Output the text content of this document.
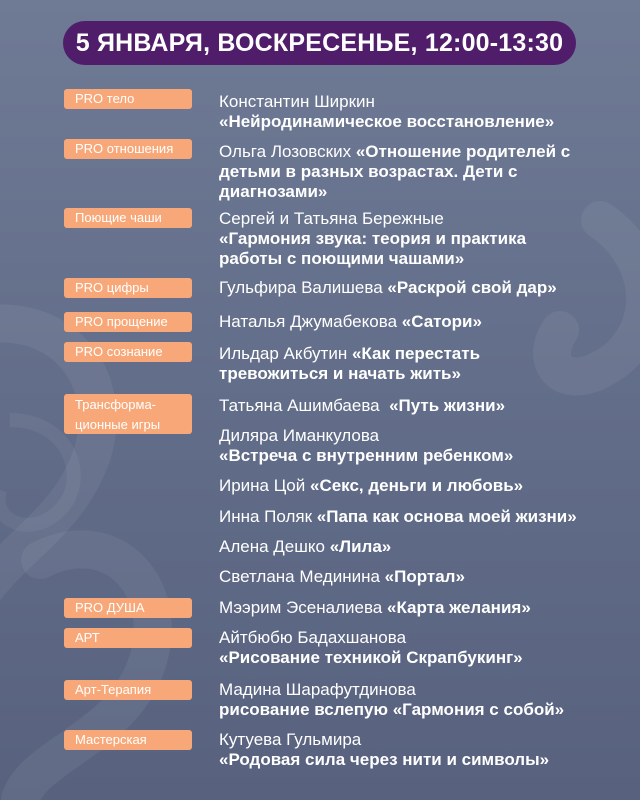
5 ЯНВАРЯ, ВОСКРЕСЕНЬЕ, 12:00-13:30
PRO тело
PRO отношения
Поющие чаши
PRO цифры
PRO прощение
PRO сознание
Трансформа-
ционные игры
PRO ДУША
АРТ
Арт-Терапия
Мастерская
Константин Ширкин
«Нейродинамическое восстановление»
Ольга Лозовских «Отношение родителей с детьми в разных возрастах. Дети с диагнозами»
Сергей и Татьяна Бережные
«Гармония звука: теория и практика работы с поющими чашами»
Гульфира Валишева «Раскрой свой дар»
Наталья Джумабекова «Сатори»
Ильдар Акбутин «Как перестать тревожиться и начать жить»
Татьяна Ашимбаева «Путь жизни»
Диляра Иманкулова
«Встреча с внутренним ребенком»
Ирина Цой «Секс, деньги и любовь»
Инна Поляк «Папа как основа моей жизни»
Алена Дешко «Лила»
Светлана Мединина «Портал»
Мээрим Эсеналиева «Карта желания»
Айтбюбю Бадахшанова
«Рисование техникой Скрапбукинг»
Мадина Шарафутдинова
рисование вслепую «Гармония с собой»
Кутуева Гульмира
«Родовая сила через нити и символы»
